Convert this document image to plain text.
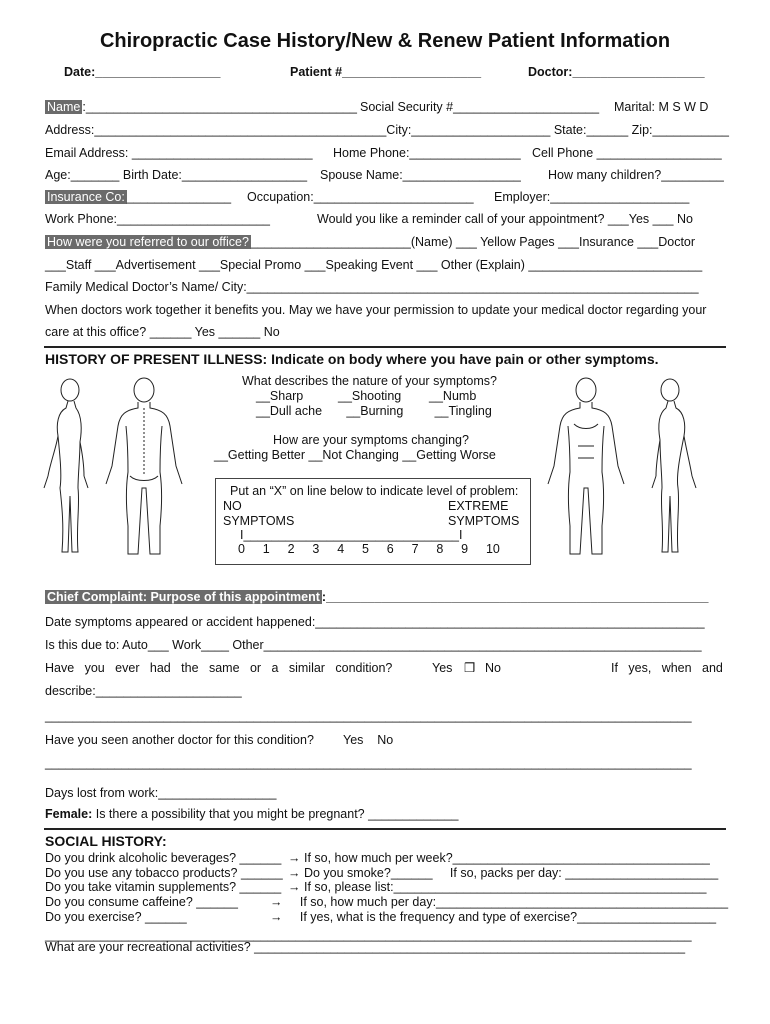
Chiropractic Case History/New & Renew Patient Information
Date:__________________	Patient #____________________	Doctor:___________________
Name :_______________________________________ Social Security #_____________________ Marital: M S W D
Address:__________________________________________City:____________________ State:______ Zip:___________
Email Address: __________________________ Home Phone:________________ Cell Phone __________________
Age:_______ Birth Date:__________________ Spouse Name:_________________ How many children?_________
Insurance Co: _______________ Occupation:_______________________ Employer:____________________
Work Phone:______________________	Would you like a reminder call of your appointment? ___Yes ___ No
How were you referred to our office? _______________________(Name) ___ Yellow Pages ___Insurance ___Doctor
___Staff ___Advertisement ___Special Promo ___Speaking Event ___ Other (Explain) _________________________
Family Medical Doctor’s Name/ City:_________________________________________________________________
When doctors work together it benefits you. May we have your permission to update your medical doctor regarding your
care at this office? ______ Yes ______ No
HISTORY OF PRESENT ILLNESS: Indicate on body where you have pain or other symptoms.
What describes the nature of your symptoms?
__Sharp          __Shooting        __Numb
__Dull ache       __Burning         __Tingling
How are your symptoms changing?
__Getting Better __Not Changing __Getting Worse
Put an “X” on line below to indicate level of problem:
NO
SYMPTOMS
EXTREME
SYMPTOMS
I_______________________________I
0 1 2 3 4 5 6 7 8 9 10
Chief Complaint: Purpose of this appointment :_______________________________________________________
Date symptoms appeared or accident happened:________________________________________________________
Is this due to: Auto___ Work____ Other_______________________________________________________________
Have   you   ever   had   the   same   or   a   similar   condition?	Yes ❒ No	If   yes,   when   and
describe:_____________________
_____________________________________________________________________________________________
Have you seen another doctor for this condition? Yes    No
_____________________________________________________________________________________________
Days lost from work:_________________
Female: Is there a possibility that you might be pregnant? _____________
SOCIAL HISTORY:
Do you drink alcoholic beverages? ______ → If so, how much per week?_____________________________________
Do you use any tobacco products? ______ → Do you smoke?______     If so, packs per day: ______________________
Do you take vitamin supplements? ______ → If so, please list:_____________________________________________
Do you consume caffeine? ______	→     If so, how much per day:__________________________________________
Do you exercise? ______	→     If yes, what is the frequency and type of exercise?____________________
_____________________________________________________________________________________________
What are your recreational activities? ______________________________________________________________
